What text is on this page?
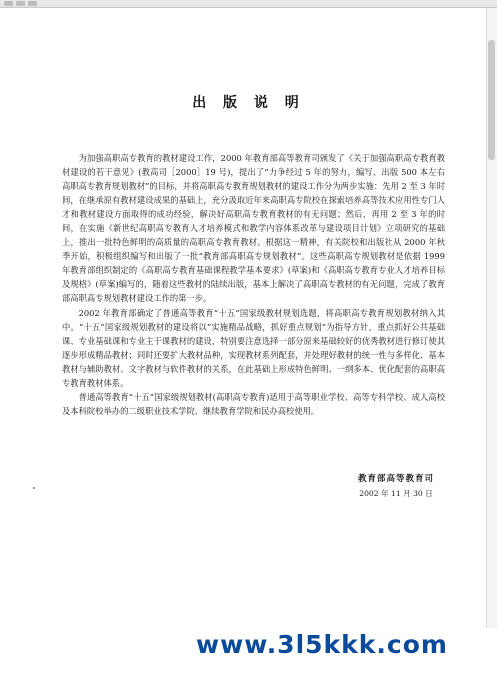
出 版 说 明

为加强高职高专教育的教材建设工作，2000 年教育部高等教育司颁发了《关于加强高职高专教育教材建设的若干意见》(教高司［2000］19 号)，提出了“力争经过 5 年的努力，编写、出版 500 本左右高职高专教育规划教材”的目标，并将高职高专教育规划教材的建设工作分为两步实施：先用 2 至 3 年时间，在继承原有教材建设成果的基础上，充分汲取近年来高职高专院校在探索培养高等技术应用性专门人才和教材建设方面取得的成功经验，解决好高职高专教育教材的有无问题；然后，再用 2 至 3 年的时间，在实施《新世纪高职高专教育人才培养模式和教学内容体系改革与建设项目计划》立项研究的基础上，推出一批特色鲜明的高质量的高职高专教育教材。根据这一精神，有关院校和出版社从 2000 年秋季开始，积极组织编写和出版了一批“教育部高职高专规划教材”。这些高职高专规划教材是依据 1999 年教育部组织制定的《高职高专教育基础课程教学基本要求》(草案)和《高职高专教育专业人才培养目标及规格》(草案)编写的，随着这些教材的陆续出版，基本上解决了高职高专教材的有无问题，完成了教育部高职高专规划教材建设工作的第一步。

2002 年教育部确定了普通高等教育“十五”国家级教材规划选题，将高职高专教育规划教材纳入其中。“十五”国家级规划教材的建设将以“实施精品战略，抓好重点规划”为指导方针，重点抓好公共基础课、专业基础课和专业主干课教材的建设，特别要注意选择一部分原来基础较好的优秀教材进行修订使其逐步形成精品教材；同时还要扩大教材品种，实现教材系列配套，并处理好教材的统一性与多样化、基本教材与辅助教材、文字教材与软件教材的关系，在此基础上形成特色鲜明、一纲多本、优化配套的高职高专教育教材体系。

普通高等教育“十五”国家级规划教材(高职高专教育)适用于高等职业学校、高等专科学校、成人高校及本科院校举办的二级职业技术学院、继续教育学院和民办高校使用。

教育部高等教育司
2002 年 11 月 30 日
www.3l5kkk.com
